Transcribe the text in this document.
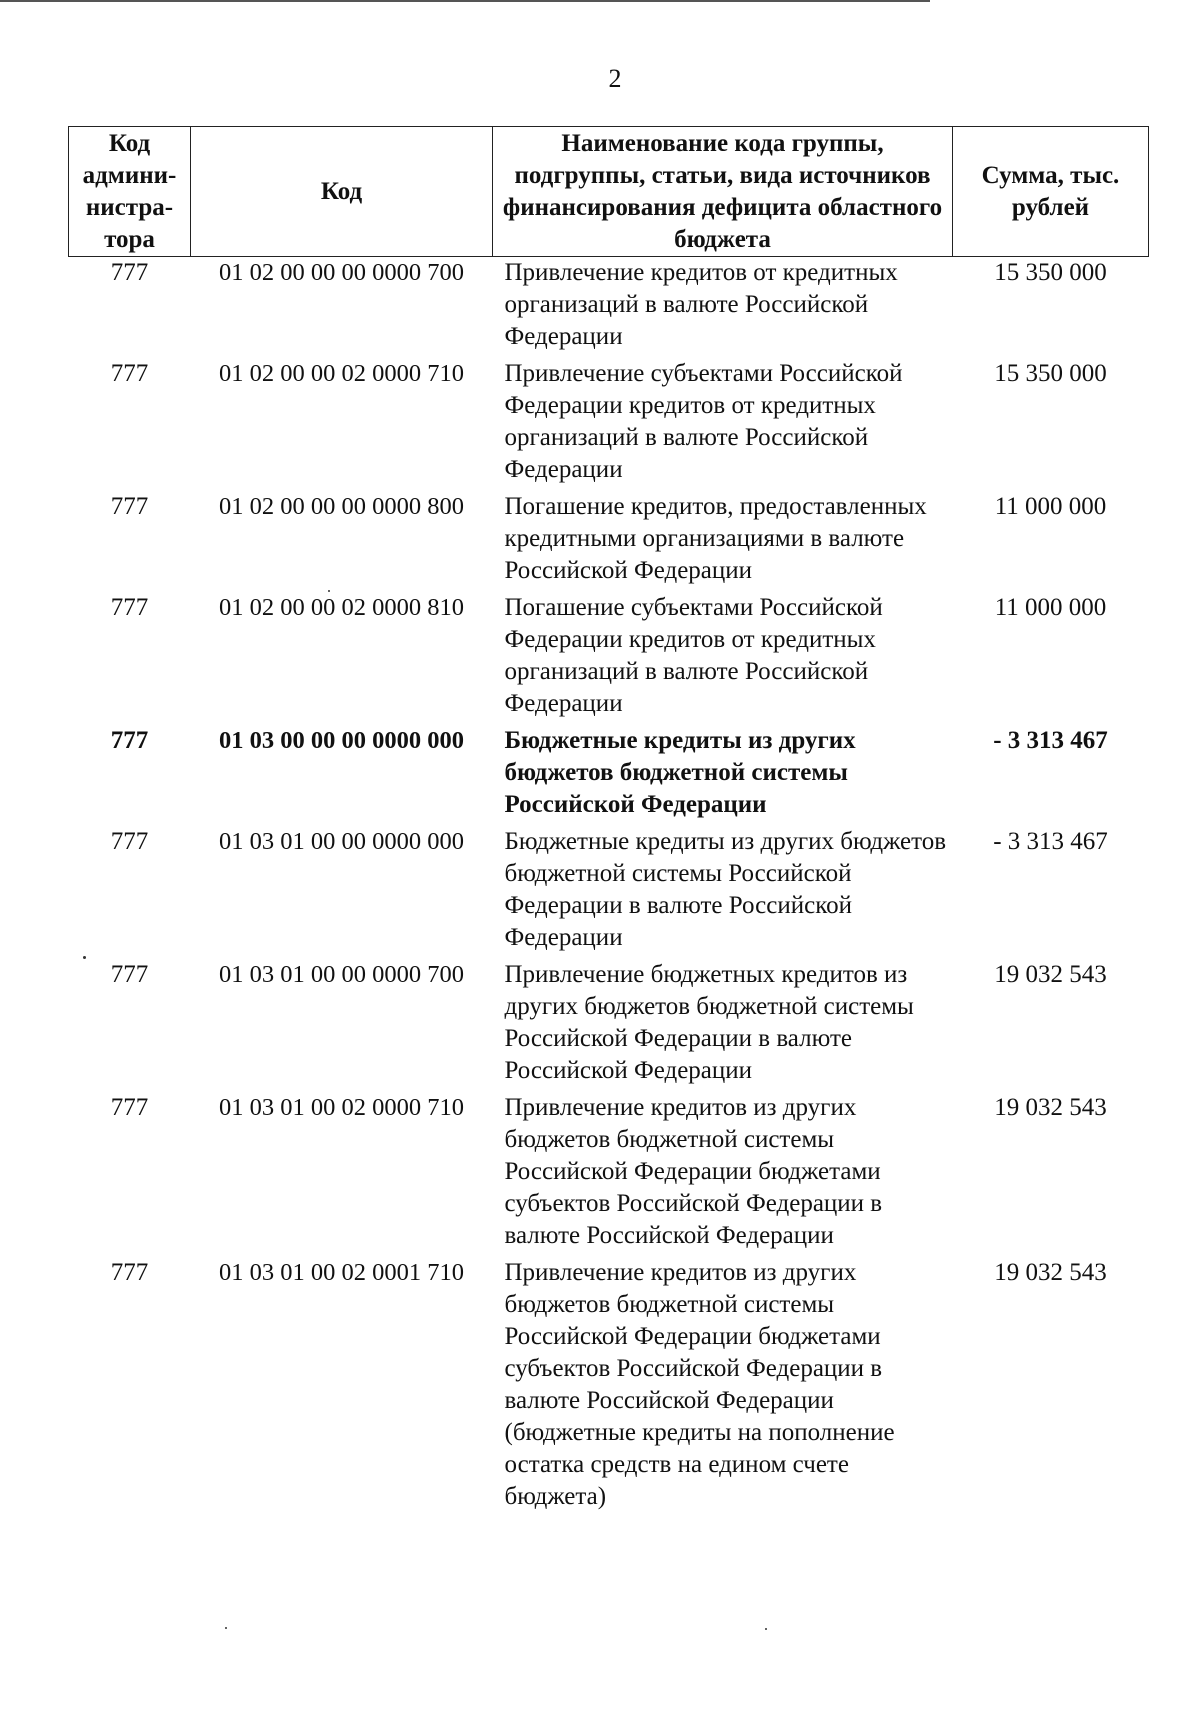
2
Код админи- нистра- тора	Код	Наименование кода группы, подгруппы, статьи, вида источников финансирования дефицита областного бюджета	Сумма, тыс. рублей
777	01 02 00 00 00 0000 700	Привлечение кредитов от кредитных организаций в валюте Российской Федерации	15 350 000
777	01 02 00 00 02 0000 710	Привлечение субъектами Российской Федерации кредитов от кредитных организаций в валюте Российской Федерации	15 350 000
777	01 02 00 00 00 0000 800	Погашение кредитов, предоставленных кредитными организациями в валюте Российской Федерации	11 000 000
777	01 02 00 00 02 0000 810	Погашение субъектами Российской Федерации кредитов от кредитных организаций в валюте Российской Федерации	11 000 000
777	01 03 00 00 00 0000 000	Бюджетные кредиты из других бюджетов бюджетной системы Российской Федерации	- 3 313 467
777	01 03 01 00 00 0000 000	Бюджетные кредиты из других бюджетов бюджетной системы Российской Федерации в валюте Российской Федерации	- 3 313 467
777	01 03 01 00 00 0000 700	Привлечение бюджетных кредитов из других бюджетов бюджетной системы Российской Федерации в валюте Российской Федерации	19 032 543
777	01 03 01 00 02 0000 710	Привлечение кредитов из других бюджетов бюджетной системы Российской Федерации бюджетами субъектов Российской Федерации в валюте Российской Федерации	19 032 543
777	01 03 01 00 02 0001 710	Привлечение кредитов из других бюджетов бюджетной системы Российской Федерации бюджетами субъектов Российской Федерации в валюте Российской Федерации (бюджетные кредиты на пополнение остатка средств на едином счете бюджета)	19 032 543
